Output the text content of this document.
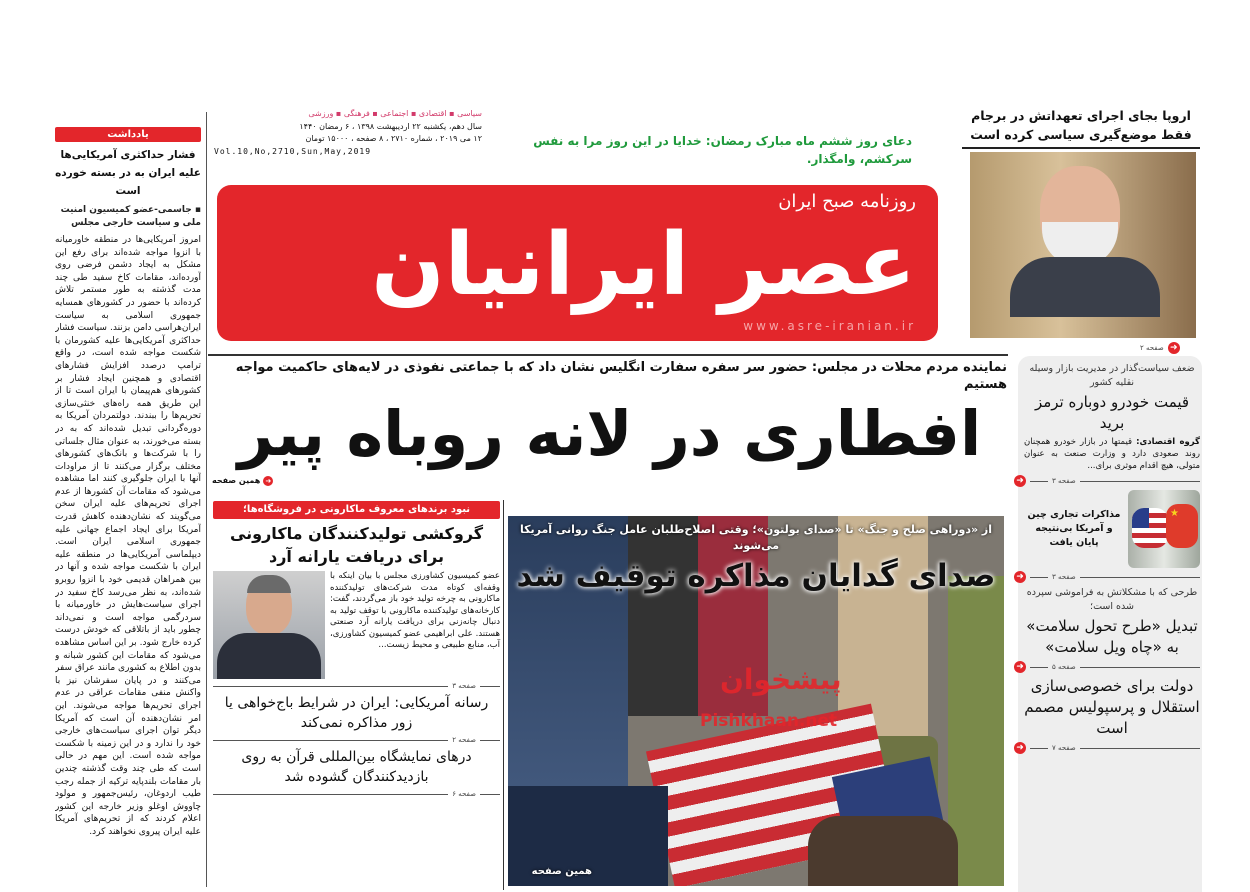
یادداشت
فشار حداکثری آمریکایی‌ها علیه ایران به در بسته خورده است
▪ جاسمی-عضو کمیسیون امنیت ملی و سیاست خارجی مجلس
امروز آمریکایی‌ها در منطقه خاورمیانه با انزوا مواجه شده‌اند برای رفع این مشکل به ایجاد دشمن فرضی روی آورده‌اند، مقامات کاخ سفید طی چند مدت گذشته به طور مستمر تلاش کرده‌اند با حضور در کشورهای همسایه جمهوری اسلامی به سیاست ایران‌هراسی دامن بزنند. سیاست فشار حداکثری آمریکایی‌ها علیه کشورمان با شکست مواجه شده است، در واقع ترامپ درصدد افزایش فشارهای اقتصادی و همچنین ایجاد فشار بر کشورهای هم‌پیمان با ایران است تا از این طریق همه راه‌های خنثی‌سازی تحریم‌ها را ببندند. دولتمردان آمریکا به دوره‌گردانی تبدیل شده‌اند که به در بسته می‌خورند، به عنوان مثال جلساتی را با شرکت‌ها و بانک‌های کشورهای مختلف برگزار می‌کنند تا از مراودات آنها با ایران جلوگیری کنند اما مشاهده می‌شود که مقامات آن کشورها از عدم اجرای تحریم‌های علیه ایران سخن می‌گویند که نشان‌دهنده کاهش قدرت آمریکا برای ایجاد اجماع جهانی علیه جمهوری اسلامی ایران است. دیپلماسی آمریکایی‌ها در منطقه علیه ایران با شکست مواجه شده و آنها در بین همراهان قدیمی خود با انزوا روبرو شده‌اند، به نظر می‌رسد کاخ سفید در اجرای سیاست‌هایش در خاورمیانه با سردرگمی مواجه است و نمی‌داند چطور باید از باتلاقی که خودش درست کرده خارج شود. بر این اساس مشاهده می‌شود که مقامات این کشور شبانه و بدون اطلاع به کشوری مانند عراق سفر می‌کنند و در پایان سفرشان نیز با واکنش منفی مقامات عراقی در عدم اجرای تحریم‌ها مواجه می‌شوند. این امر نشان‌دهنده آن است که آمریکا دیگر توان اجرای سیاست‌های خارجی خود را ندارد و در این زمینه با شکست مواجه شده است. این مهم در حالی است که طی چند وقت گذشته چندین بار مقامات بلندپایه ترکیه از جمله رجب طیب اردوغان، رئیس‌جمهور و مولود چاووش اوغلو وزیر خارجه این کشور اعلام کردند که از تحریم‌های آمریکا علیه ایران پیروی نخواهند کرد.
سیاسی ▪ اقتصادی ▪ اجتماعی ▪ فرهنگی ▪ ورزشی
سال دهم، یکشنبه ۲۲ اردیبهشت ۱۳۹۸ ، ۶ رمضان ۱۴۴۰
۱۲ می ۲۰۱۹ ، شماره ۲۷۱۰ ، ۸ صفحه ، ۱۵۰۰۰ تومان
Vol.10,No,2710,Sun,May,2019
دعای روز ششم ماه مبارک رمضان: خدایا در این روز مرا به نفس سرکشم، وامگذار.
روزنامه صبح ایران
عصر ایرانیان
www.asre-iranian.ir
اروپا بجای اجرای تعهداتش در برجام فقط موضع‌گیری سیاسی کرده است
صفحه ۲ ➜
نماینده مردم محلات در مجلس: حضور سر سفره سفارت انگلیس نشان داد که با جماعتی نفوذی در لایه‌های حاکمیت مواجه هستیم
افطاری در لانه روباه پیر
همین صفحه ➜
نبود برندهای معروف ماکارونی در فروشگاه‌ها؛
گروکشی تولیدکنندگان ماکارونی برای دریافت یارانه آرد
عضو کمیسیون کشاورزی مجلس با بیان اینکه با وقفه‌ای کوتاه مدت شرکت‌های تولیدکننده ماکارونی به چرخه تولید خود باز می‌گردند، گفت: کارخانه‌های تولیدکننده ماکارونی با توقف تولید به دنبال چانه‌زنی برای دریافت یارانه آرد صنعتی هستند. علی ابراهیمی عضو کمیسیون کشاورزی، آب، منابع طبیعی و محیط زیست...
صفحه ۳
رسانه آمریکایی: ایران در شرایط باج‌خواهی یا زور مذاکره نمی‌کند
صفحه ۲
درهای نمایشگاه بین‌المللی قرآن به روی بازدیدکنندگان گشوده شد
صفحه ۶
از «دوراهی صلح و جنگ» تا «صدای بولتون»؛ وقتی اصلاح‌طلبان عامل جنگ روانی آمریکا می‌شوند
صدای گدایان مذاکره توقیف شد
همین صفحه
پیشخوان
Pishkhaan.net
ضعف سیاست‌گذار در مدیریت بازار وسیله نقلیه کشور
قیمت خودرو دوباره ترمز برید
گروه اقتصادی: قیمتها در بازار خودرو همچنان روند صعودی دارد و وزارت صنعت به عنوان متولی، هیچ اقدام موثری برای...
➜	صفحه ۳
مذاکرات تجاری چین و آمریکا بی‌نتیجه پایان یافت
★
➜	صفحه ۳
طرحی که با مشکلاتش به فراموشی سپرده شده است؛
تبدیل «طرح تحول سلامت» به «چاه ویل سلامت»
➜	صفحه ۵
دولت برای خصوصی‌سازی استقلال و پرسپولیس مصمم است
➜	صفحه ۷
